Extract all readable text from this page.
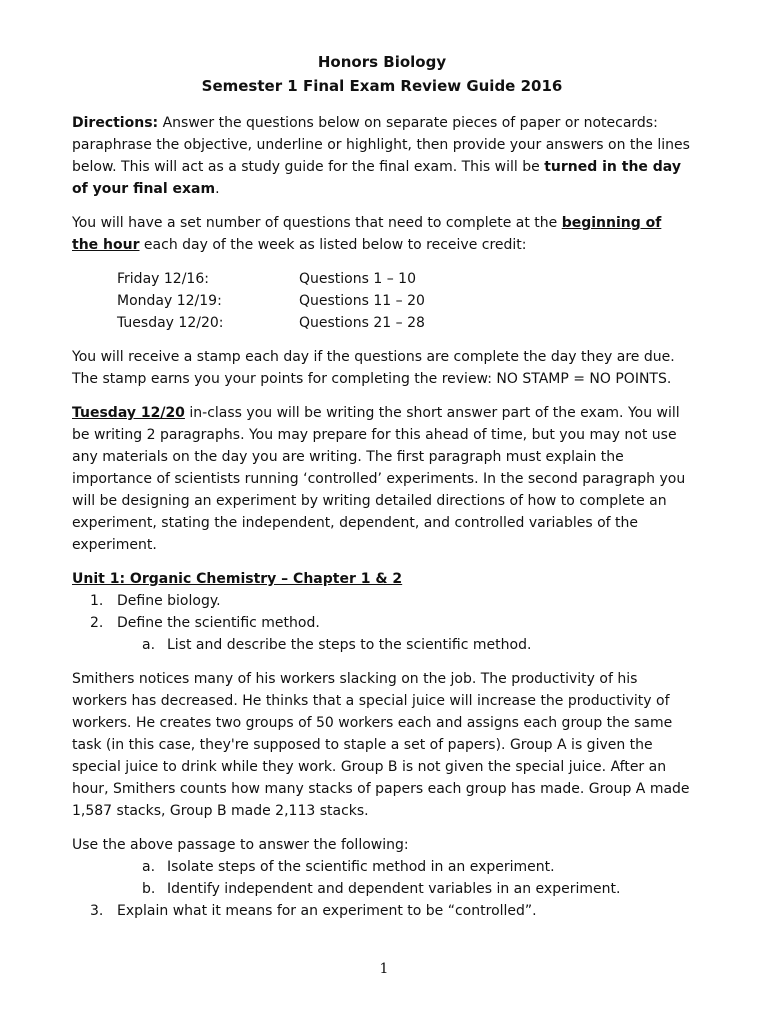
Honors Biology

Semester 1 Final Exam Review Guide 2016

Directions: Answer the questions below on separate pieces of paper or notecards: paraphrase the objective, underline or highlight, then provide your answers on the lines below. This will act as a study guide for the final exam. This will be turned in the day of your final exam.

You will have a set number of questions that need to complete at the beginning of the hour each day of the week as listed below to receive credit:

Friday 12/16:	Questions 1 – 10
Monday 12/19:	Questions 11 – 20
Tuesday 12/20:	Questions 21 – 28

You will receive a stamp each day if the questions are complete the day they are due. The stamp earns you your points for completing the review: NO STAMP = NO POINTS.

Tuesday 12/20 in-class you will be writing the short answer part of the exam. You will be writing 2 paragraphs. You may prepare for this ahead of time, but you may not use any materials on the day you are writing. The first paragraph must explain the importance of scientists running ‘controlled’ experiments. In the second paragraph you will be designing an experiment by writing detailed directions of how to complete an experiment, stating the independent, dependent, and controlled variables of the experiment.

Unit 1: Organic Chemistry – Chapter 1 & 2

1. Define biology.
2. Define the scientific method.
a. List and describe the steps to the scientific method.

Smithers notices many of his workers slacking on the job. The productivity of his workers has decreased. He thinks that a special juice will increase the productivity of workers. He creates two groups of 50 workers each and assigns each group the same task (in this case, they're supposed to staple a set of papers). Group A is given the special juice to drink while they work. Group B is not given the special juice. After an hour, Smithers counts how many stacks of papers each group has made. Group A made 1,587 stacks, Group B made 2,113 stacks.

Use the above passage to answer the following:

a. Isolate steps of the scientific method in an experiment.
b. Identify independent and dependent variables in an experiment.
3. Explain what it means for an experiment to be “controlled”.
1
